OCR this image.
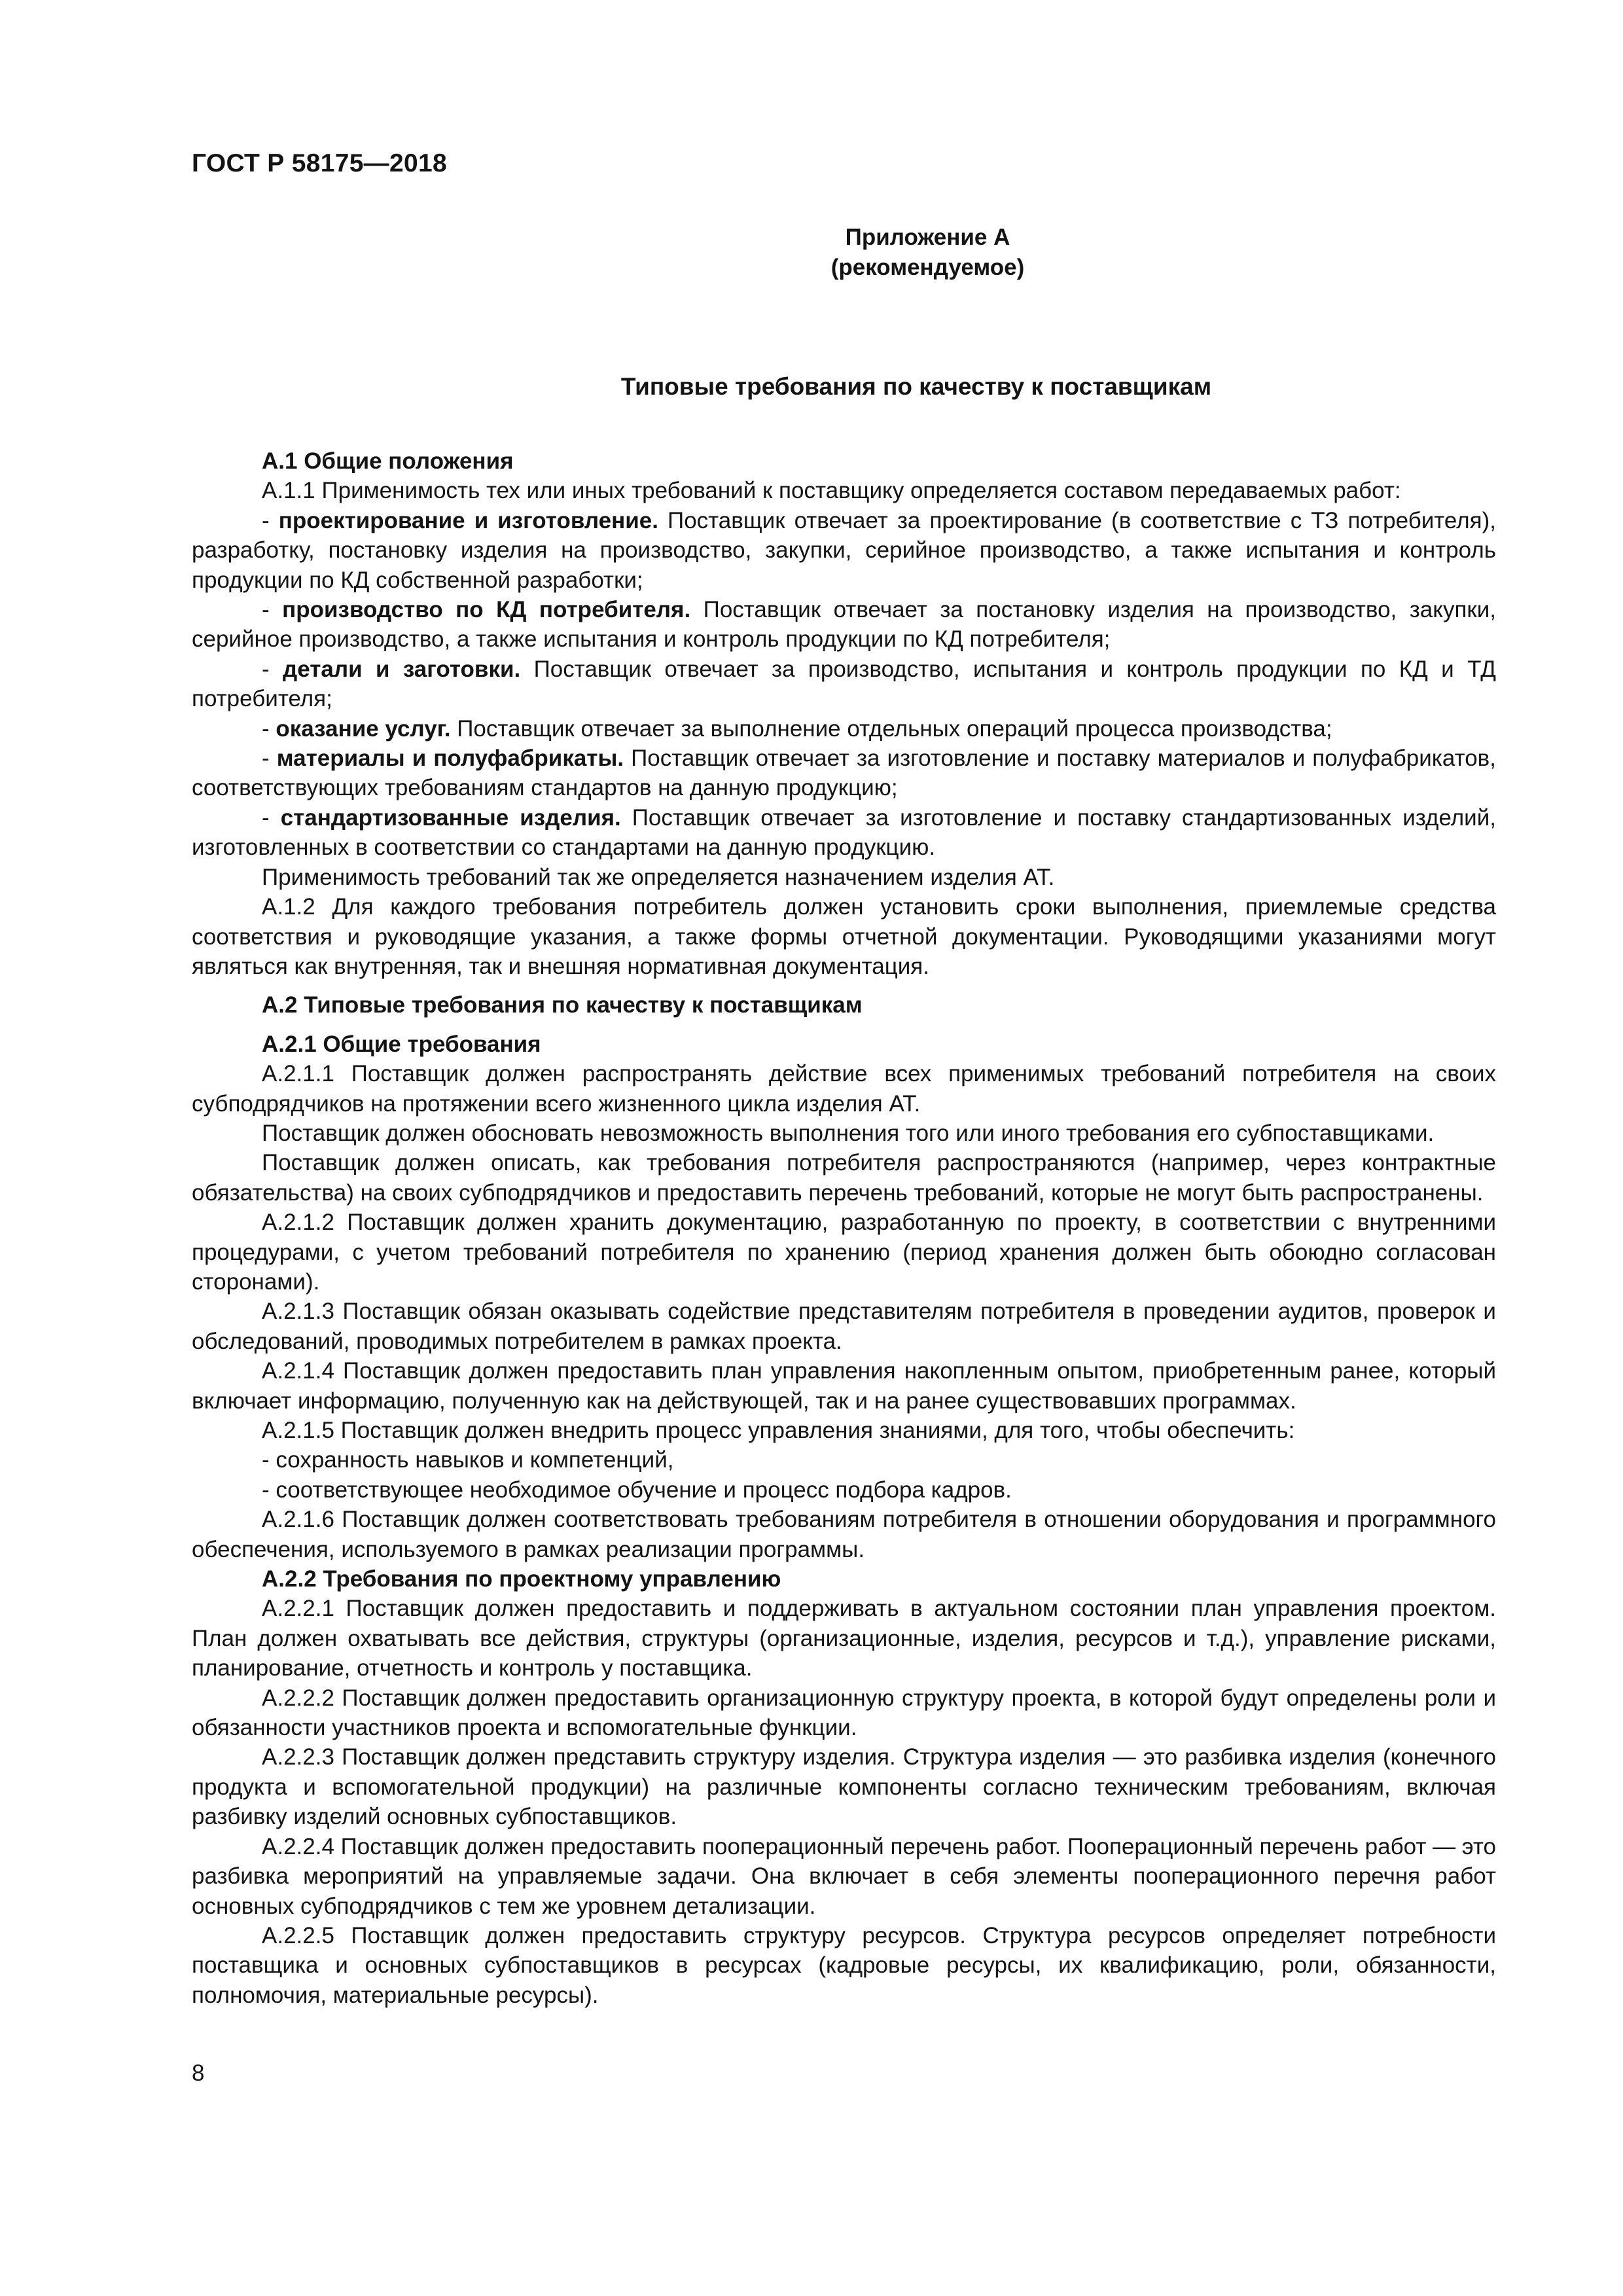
ГОСТ Р 58175—2018
Приложение А
(рекомендуемое)
Типовые требования по качеству к поставщикам

А.1 Общие положения

А.1.1 Применимость тех или иных требований к поставщику определяется составом передаваемых работ:

- проектирование и изготовление. Поставщик отвечает за проектирование (в соответствие с ТЗ потребителя), разработку, постановку изделия на производство, закупки, серийное производство, а также испытания и контроль продукции по КД собственной разработки;

- производство по КД потребителя. Поставщик отвечает за постановку изделия на производство, закупки, серийное производство, а также испытания и контроль продукции по КД потребителя;

- детали и заготовки. Поставщик отвечает за производство, испытания и контроль продукции по КД и ТД потребителя;

- оказание услуг. Поставщик отвечает за выполнение отдельных операций процесса производства;

- материалы и полуфабрикаты. Поставщик отвечает за изготовление и поставку материалов и полуфабрикатов, соответствующих требованиям стандартов на данную продукцию;

- стандартизованные изделия. Поставщик отвечает за изготовление и поставку стандартизованных изделий, изготовленных в соответствии со стандартами на данную продукцию.

Применимость требований так же определяется назначением изделия АТ.

А.1.2 Для каждого требования потребитель должен установить сроки выполнения, приемлемые средства соответствия и руководящие указания, а также формы отчетной документации. Руководящими указаниями могут являться как внутренняя, так и внешняя нормативная документация.

А.2 Типовые требования по качеству к поставщикам

А.2.1 Общие требования

А.2.1.1 Поставщик должен распространять действие всех применимых требований потребителя на своих субподрядчиков на протяжении всего жизненного цикла изделия АТ.

Поставщик должен обосновать невозможность выполнения того или иного требования его субпоставщиками.

Поставщик должен описать, как требования потребителя распространяются (например, через контрактные обязательства) на своих субподрядчиков и предоставить перечень требований, которые не могут быть распространены.

А.2.1.2 Поставщик должен хранить документацию, разработанную по проекту, в соответствии с внутренними процедурами, с учетом требований потребителя по хранению (период хранения должен быть обоюдно согласован сторонами).

А.2.1.3 Поставщик обязан оказывать содействие представителям потребителя в проведении аудитов, проверок и обследований, проводимых потребителем в рамках проекта.

А.2.1.4 Поставщик должен предоставить план управления накопленным опытом, приобретенным ранее, который включает информацию, полученную как на действующей, так и на ранее существовавших программах.

А.2.1.5 Поставщик должен внедрить процесс управления знаниями, для того, чтобы обеспечить:

- сохранность навыков и компетенций,

- соответствующее необходимое обучение и процесс подбора кадров.

А.2.1.6 Поставщик должен соответствовать требованиям потребителя в отношении оборудования и программного обеспечения, используемого в рамках реализации программы.

А.2.2 Требования по проектному управлению

А.2.2.1 Поставщик должен предоставить и поддерживать в актуальном состоянии план управления проектом. План должен охватывать все действия, структуры (организационные, изделия, ресурсов и т.д.), управление рисками, планирование, отчетность и контроль у поставщика.

А.2.2.2 Поставщик должен предоставить организационную структуру проекта, в которой будут определены роли и обязанности участников проекта и вспомогательные функции.

А.2.2.3 Поставщик должен представить структуру изделия. Структура изделия — это разбивка изделия (конечного продукта и вспомогательной продукции) на различные компоненты согласно техническим требованиям, включая разбивку изделий основных субпоставщиков.

А.2.2.4 Поставщик должен предоставить пооперационный перечень работ. Пооперационный перечень работ — это разбивка мероприятий на управляемые задачи. Она включает в себя элементы пооперационного перечня работ основных субподрядчиков с тем же уровнем детализации.

А.2.2.5 Поставщик должен предоставить структуру ресурсов. Структура ресурсов определяет потребности поставщика и основных субпоставщиков в ресурсах (кадровые ресурсы, их квалификацию, роли, обязанности, полномочия, материальные ресурсы).

8
